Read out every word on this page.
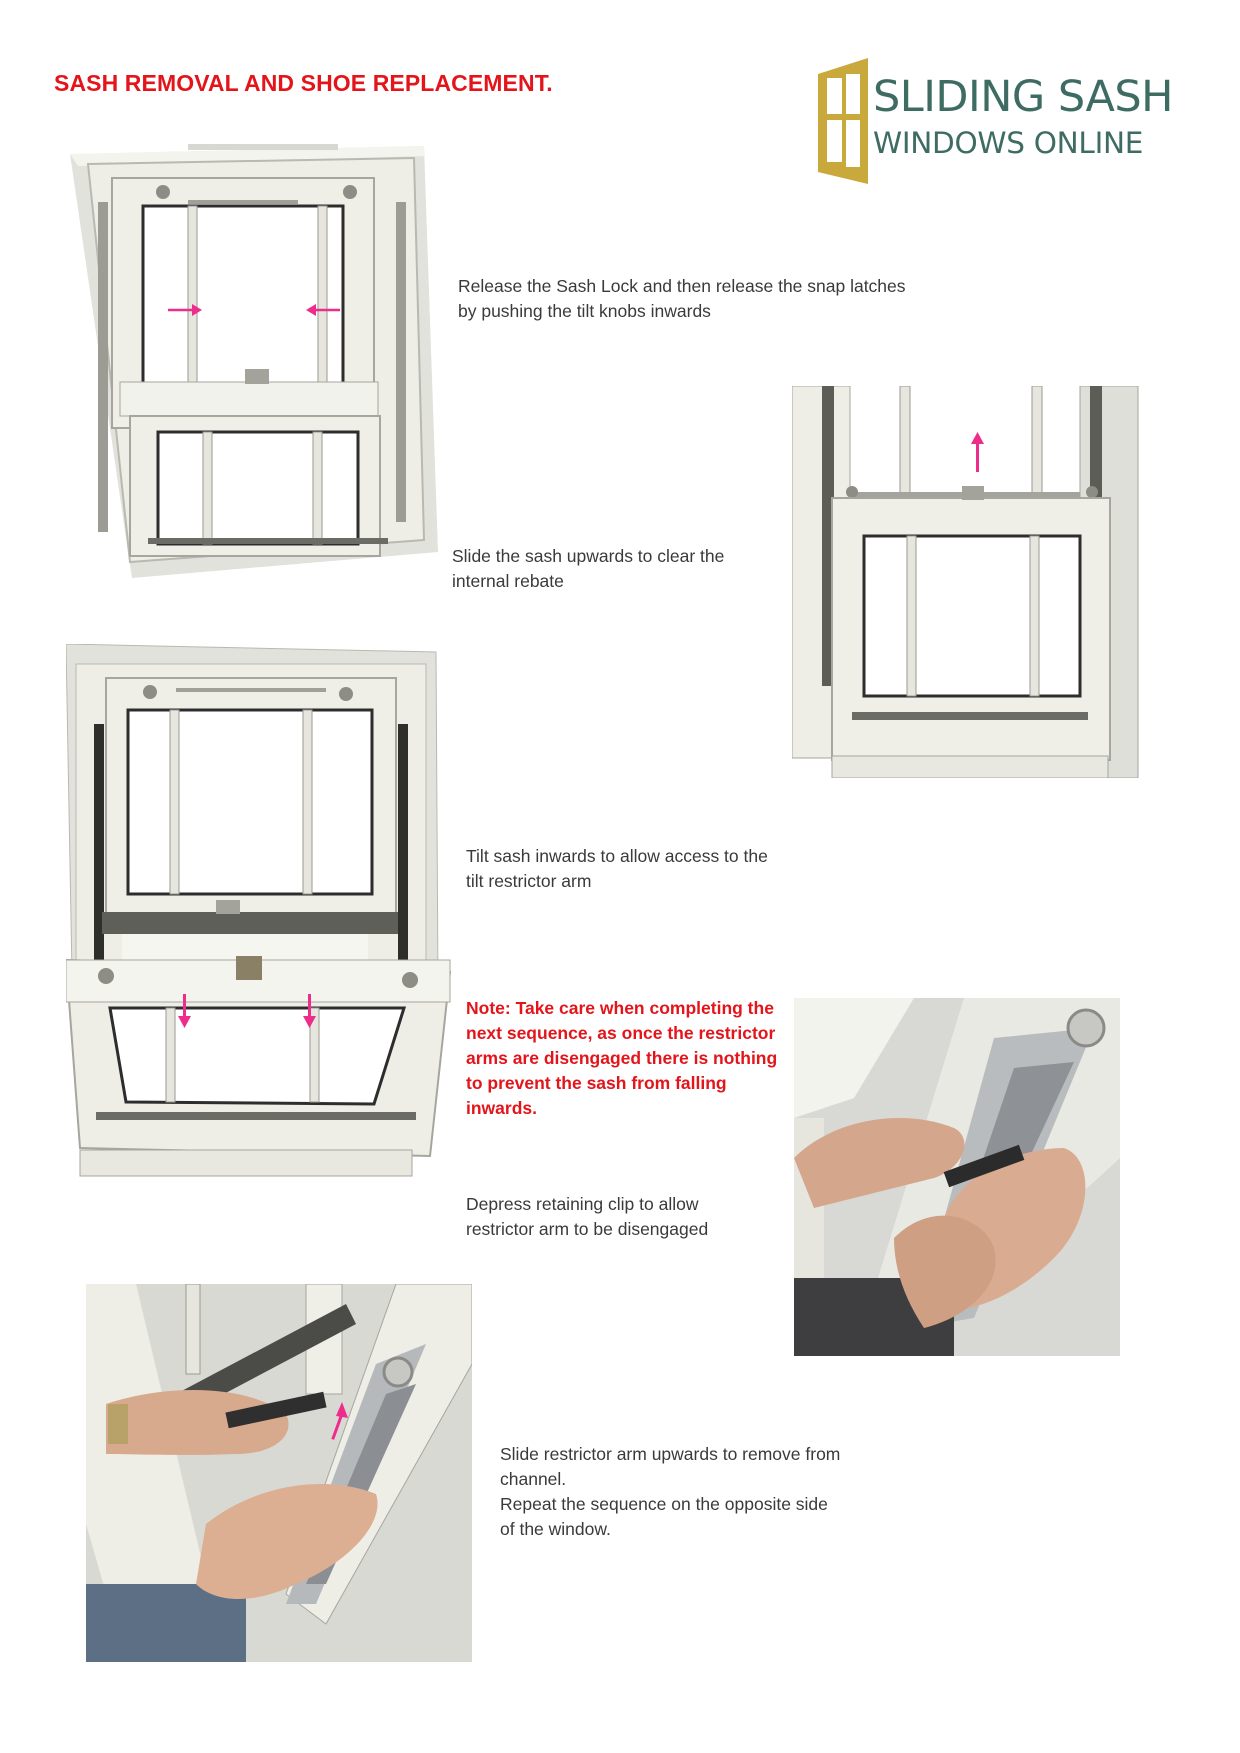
SASH REMOVAL AND SHOE REPLACEMENT.	SLIDING SASH
WINDOWS ONLINE

Release the Sash Lock and then release the snap latches

by pushing the tilt knobs inwards

Slide the sash upwards to clear the

internal rebate

Tilt sash inwards to allow access to the

tilt restrictor arm

Note: Take care when completing the

next sequence, as once the restrictor

arms are disengaged there is nothing

to prevent the sash from falling

inwards.

Depress retaining clip to allow

restrictor arm to be disengaged

Slide restrictor arm upwards to remove from

channel.

Repeat the sequence on the opposite side

of the window.
